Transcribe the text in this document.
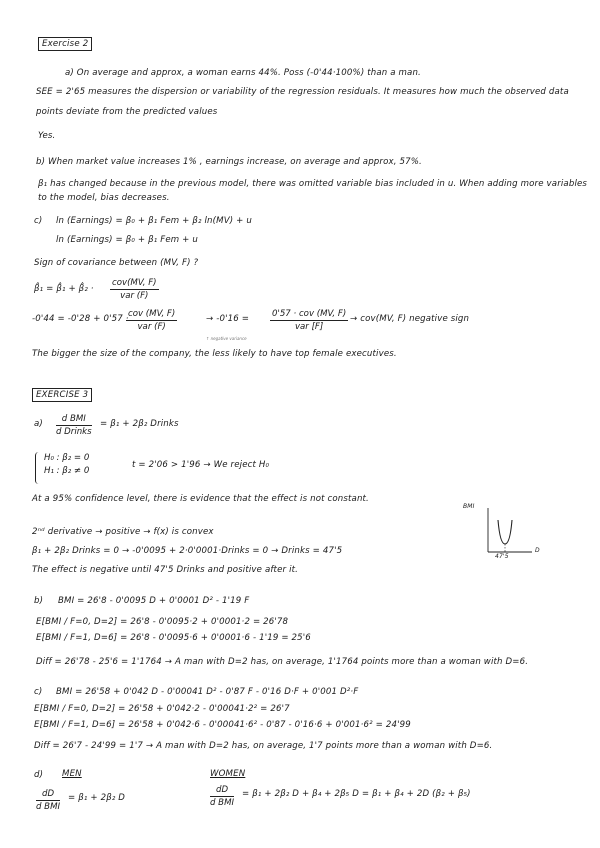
Exercise 2
a) On average and approx, a woman earns 44%. Poss (-0'44·100%) than a man.
SEE = 2'65 measures the dispersion or variability of the regression residuals. It measures how much the observed data
points deviate from the predicted values
Yes.
b) When market value increases 1% , earnings increase, on average and approx, 57%.
β₁ has changed because in the previous model, there was omitted variable bias included in u. When adding more variables
to the model, bias decreases.
c) ln (Earnings) = β₀ + β₁ Fem + β₂ ln(MV) + u
ln (Earnings) = β₀ + β₁ Fem + u
Sign of covariance between (MV, F) ?
β̂₁ = β̂₁ + β̂₂ ·
cov(MV, F)
var (F)
-0'44 = -0'28 + 0'57 · cov (MV, F)
var (F)
→ -0'16 =	0'57 · cov (MV, F)
var [F]
→ cov(MV, F) negative sign
↑ negative variance
The bigger the size of the company, the less likely to have top female executives.
EXERCISE 3
a)	d BMI
d Drinks
= β₁ + 2β₂ Drinks
H₀ : β₂ = 0
H₁ : β₂ ≠ 0
t = 2'06 > 1'96 → We reject H₀
At a 95% confidence level, there is evidence that the effect is not constant.
2ⁿᵈ derivative → positive → f(x) is convex
β₁ + 2β₂ Drinks = 0 → -0'0095 + 2·0'0001·Drinks = 0 → Drinks = 47'5
The effect is negative until 47'5 Drinks and positive after it.
BMI
D
47'5
b) BMI = 26'8 - 0'0095 D + 0'0001 D² - 1'19 F
E[BMI / F=0, D=2] = 26'8 - 0'0095·2 + 0'0001·2 = 26'78
E[BMI / F=1, D=6] = 26'8 - 0'0095·6 + 0'0001·6 - 1'19 = 25'6
Diff = 26'78 - 25'6 = 1'1764 → A man with D=2 has, on average, 1'1764 points more than a woman with D=6.
c) BMI = 26'58 + 0'042 D - 0'00041 D² - 0'87 F - 0'16 D·F + 0'001 D²·F
E[BMI / F=0, D=2] = 26'58 + 0'042·2 - 0'00041·2² = 26'7
E[BMI / F=1, D=6] = 26'58 + 0'042·6 - 0'00041·6² - 0'87 - 0'16·6 + 0'001·6² = 24'99
Diff = 26'7 - 24'99 = 1'7 → A man with D=2 has, on average, 1'7 points more than a woman with D=6.
d) MEN	WOMEN
dD
d BMI
= β₁ + 2β₂ D
dD
d BMI
= β₁ + 2β₂ D + β₄ + 2β₅ D = β₁ + β₄ + 2D (β₂ + β₅)
